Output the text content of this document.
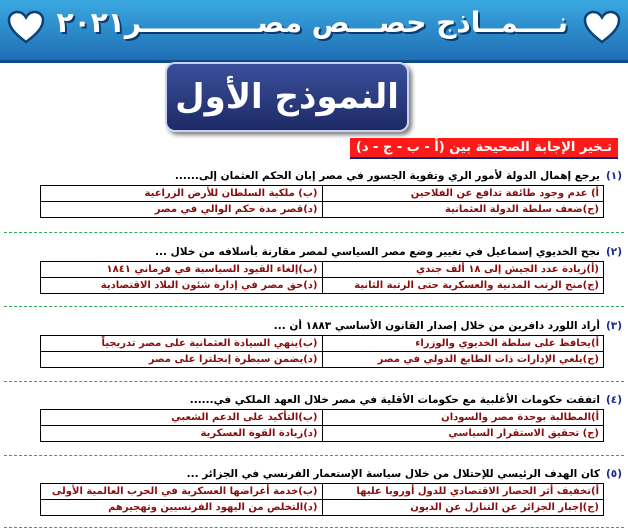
نــــمــاذج حصـــص مصــــــــــــر٢٠٢١
النموذج الأول
تـخير الإجابة الصحيحة بين (أ - ب - ج - د)
(١)يرجع إهمال الدولة لأمور الري وتقوية الجسور في مصر إبان الحكم العثمان إلى......
أ) عدم وجود طائفة تدافع عن الفلاحين	(ب) ملكية السلطان للأرض الزراعية
(ج)ضعف سلطة الدولة العثمانية	(د)قصر مدة حكم الوالي في مصر
(٢)نجح الخديوي إسماعيل في تغيير وضع مصر السياسي لمصر مقارنة بأسلافه من خلال ...
(أ)زيادة عدد الجيش إلى ١٨ ألف جندي	(ب)إلغاء القيود السياسية في فرماني ١٨٤١
(ج)منح الرتب المدنية والعسكرية حتى الرتبة الثانية	(د)حق مصر في إدارة شئون البلاد الاقتصادية
(٣)أراد اللورد دافرين من خلال إصدار القانون الأساسي ١٨٨٣ أن ...
أ)يحافظ على سلطة الخديوي والوزراء	(ب)ينهي السيادة العثمانية على مصر تدريجياً
(ج)يلغي الإدارات ذات الطابع الدولي في مصر	(د)يضمن سيطرة إنجلترا على مصر
(٤)اتفقت حكومات الأغلبية مع حكومات الأقلية في مصر خلال العهد الملكي في......
أ)المطالبة بوحدة مصر والسودان	(ب)التأكيد على الدعم الشعبي
(ج) تحقيق الاستقرار السياسي	(د)زيادة القوة العسكرية
(٥)كان الهدف الرئيسي للإحتلال من خلال سياسة الإستعمار الفرنسي في الجزائر ...
أ)تخفيف أثر الحصار الاقتصادي للدول أوروبا عليها	(ب)خدمة أغراضها العسكرية في الحرب العالمية الأولى
(ج)إجبار الجزائر عن التنازل عن الديون	(د)التخلص من اليهود الفرنسيين وتهجيرهم
